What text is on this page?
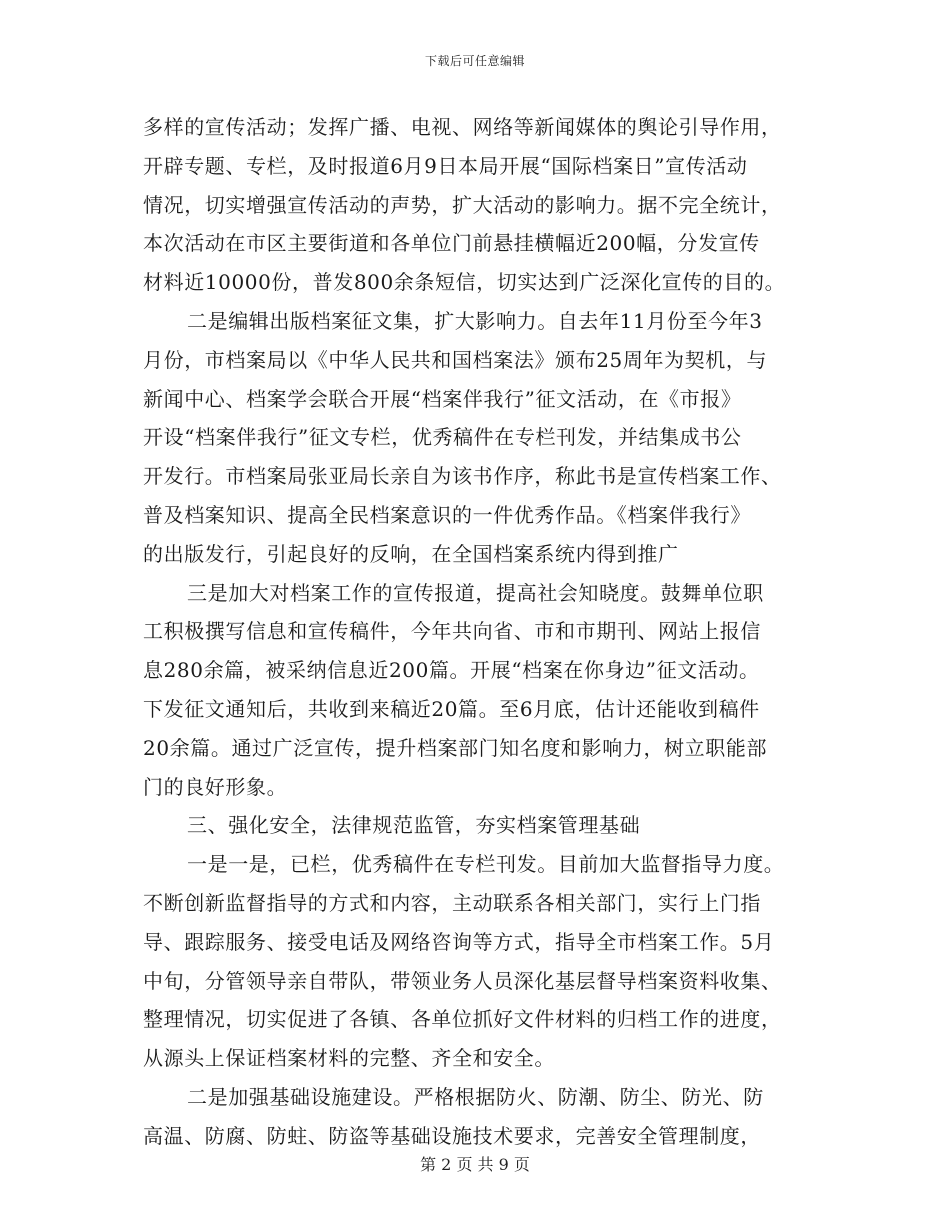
下载后可任意编辑
多样的宣传活动；发挥广播、电视、网络等新闻媒体的舆论引导作用，
开辟专题、专栏，及时报道6月9日本局开展“国际档案日”宣传活动
情况，切实增强宣传活动的声势，扩大活动的影响力。据不完全统计，
本次活动在市区主要街道和各单位门前悬挂横幅近200幅，分发宣传
材料近10000份，普发800余条短信，切实达到广泛深化宣传的目的。
二是编辑出版档案征文集，扩大影响力。自去年11月份至今年3
月份，市档案局以《中华人民共和国档案法》颁布25周年为契机，与
新闻中心、档案学会联合开展“档案伴我行”征文活动，在《市报》
开设“档案伴我行”征文专栏，优秀稿件在专栏刊发，并结集成书公
开发行。市档案局张亚局长亲自为该书作序，称此书是宣传档案工作、
普及档案知识、提高全民档案意识的一件优秀作品。《档案伴我行》
的出版发行，引起良好的反响，在全国档案系统内得到推广
三是加大对档案工作的宣传报道，提高社会知晓度。鼓舞单位职
工积极撰写信息和宣传稿件，今年共向省、市和市期刊、网站上报信
息280余篇，被采纳信息近200篇。开展“档案在你身边”征文活动。
下发征文通知后，共收到来稿近20篇。至6月底，估计还能收到稿件
20余篇。通过广泛宣传，提升档案部门知名度和影响力，树立职能部
门的良好形象。
三、强化安全，法律规范监管，夯实档案管理基础
一是一是，已栏，优秀稿件在专栏刊发。目前加大监督指导力度。
不断创新监督指导的方式和内容，主动联系各相关部门，实行上门指
导、跟踪服务、接受电话及网络咨询等方式，指导全市档案工作。5月
中旬，分管领导亲自带队，带领业务人员深化基层督导档案资料收集、
整理情况，切实促进了各镇、各单位抓好文件材料的归档工作的进度，
从源头上保证档案材料的完整、齐全和安全。
二是加强基础设施建设。严格根据防火、防潮、防尘、防光、防
高温、防腐、防蛀、防盗等基础设施技术要求，完善安全管理制度，
第 2 页 共 9 页
